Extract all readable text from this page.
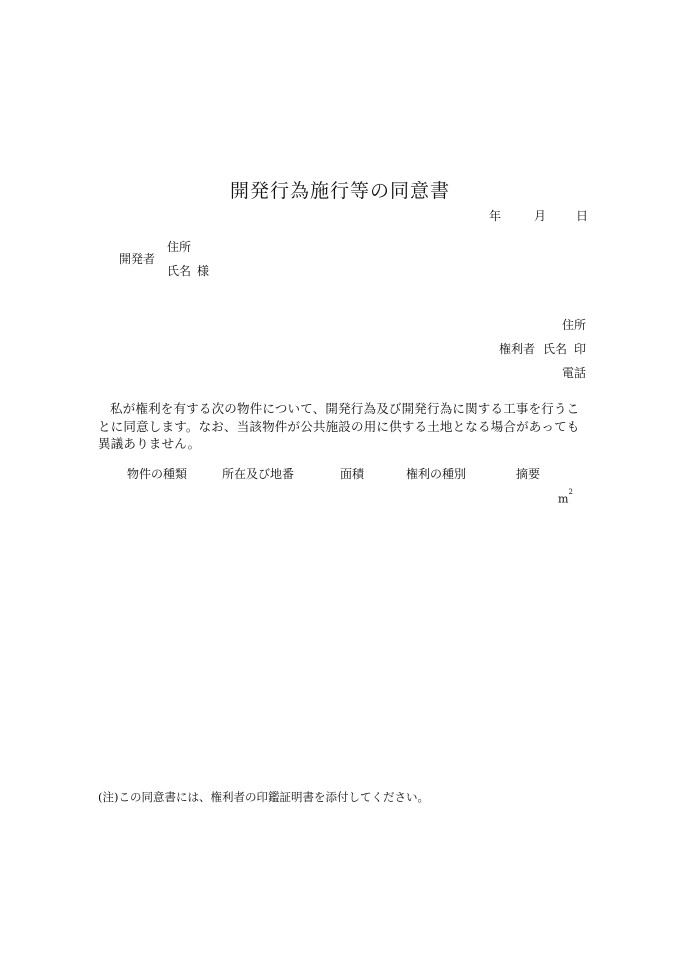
開発行為施行等の同意書
年	月 日
開発者
住所
氏名 様
住所
権利者 氏名 印
電話

私が権利を有する次の物件について、開発行為及び開発行為に関する工事を行うことに同意します。なお、当該物件が公共施設の用に供する土地となる場合があっても異議ありません。

物件の種類	所在及び地番	面積	権利の種別	摘要
$m^2$
(注)この同意書には、権利者の印鑑証明書を添付してください。
